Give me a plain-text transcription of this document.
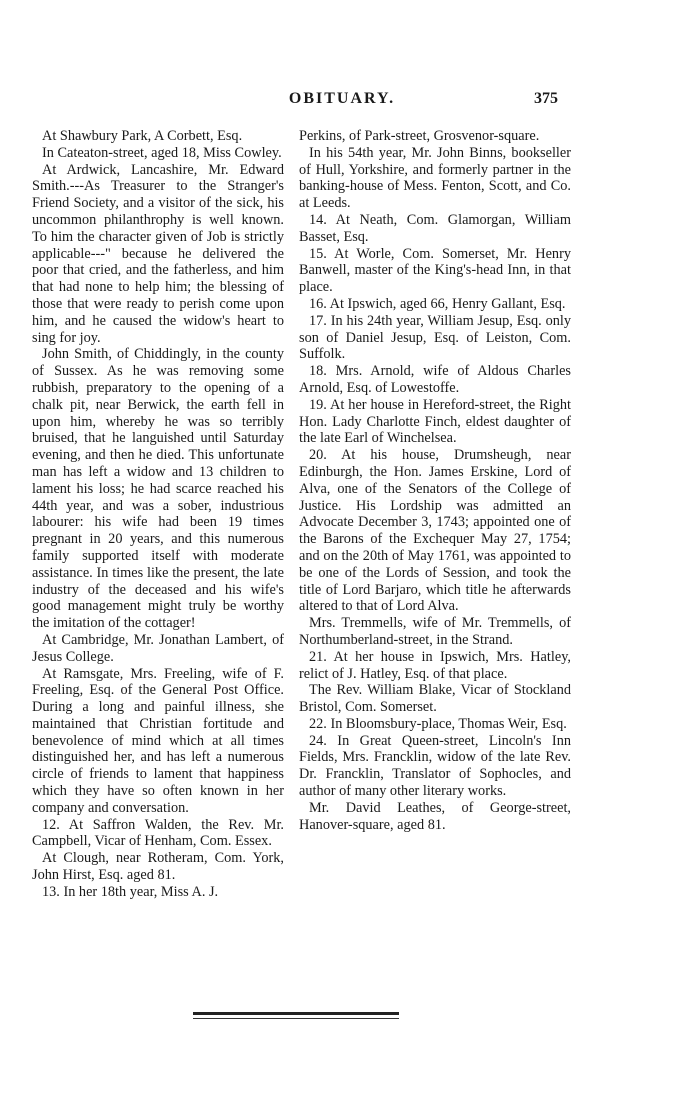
OBITUARY.	375

At Shawbury Park, A Corbett, Esq.

In Cateaton-street, aged 18, Miss Cowley.

At Ardwick, Lancashire, Mr. Edward Smith.---As Treasurer to the Stranger's Friend Society, and a visitor of the sick, his uncommon philanthrophy is well known. To him the character given of Job is strictly applicable---" because he delivered the poor that cried, and the fatherless, and him that had none to help him; the blessing of those that were ready to perish come upon him, and he caused the widow's heart to sing for joy.

John Smith, of Chiddingly, in the county of Sussex. As he was removing some rubbish, preparatory to the opening of a chalk pit, near Berwick, the earth fell in upon him, whereby he was so terribly bruised, that he languished until Saturday evening, and then he died. This unfortunate man has left a widow and 13 children to lament his loss; he had scarce reached his 44th year, and was a sober, industrious labourer: his wife had been 19 times pregnant in 20 years, and this numerous family supported itself with moderate assistance. In times like the present, the late industry of the deceased and his wife's good management might truly be worthy the imitation of the cottager!

At Cambridge, Mr. Jonathan Lambert, of Jesus College.

At Ramsgate, Mrs. Freeling, wife of F. Freeling, Esq. of the General Post Office. During a long and painful illness, she maintained that Christian fortitude and benevolence of mind which at all times distinguished her, and has left a numerous circle of friends to lament that happiness which they have so often known in her company and conversation.

12. At Saffron Walden, the Rev. Mr. Campbell, Vicar of Henham, Com. Essex.

At Clough, near Rotheram, Com. York, John Hirst, Esq. aged 81.

13. In her 18th year, Miss A. J.

Perkins, of Park-street, Grosvenor-square.

In his 54th year, Mr. John Binns, bookseller of Hull, Yorkshire, and formerly partner in the banking-house of Mess. Fenton, Scott, and Co. at Leeds.

14. At Neath, Com. Glamorgan, William Basset, Esq.

15. At Worle, Com. Somerset, Mr. Henry Banwell, master of the King's-head Inn, in that place.

16. At Ipswich, aged 66, Henry Gallant, Esq.

17. In his 24th year, William Jesup, Esq. only son of Daniel Jesup, Esq. of Leiston, Com. Suffolk.

18. Mrs. Arnold, wife of Aldous Charles Arnold, Esq. of Lowestoffe.

19. At her house in Hereford-street, the Right Hon. Lady Charlotte Finch, eldest daughter of the late Earl of Winchelsea.

20. At his house, Drumsheugh, near Edinburgh, the Hon. James Erskine, Lord of Alva, one of the Senators of the College of Justice. His Lordship was admitted an Advocate December 3, 1743; appointed one of the Barons of the Exchequer May 27, 1754; and on the 20th of May 1761, was appointed to be one of the Lords of Session, and took the title of Lord Barjaro, which title he afterwards altered to that of Lord Alva.

Mrs. Tremmells, wife of Mr. Tremmells, of Northumberland-street, in the Strand.

21. At her house in Ipswich, Mrs. Hatley, relict of J. Hatley, Esq. of that place.

The Rev. William Blake, Vicar of Stockland Bristol, Com. Somerset.

22. In Bloomsbury-place, Thomas Weir, Esq.

24. In Great Queen-street, Lincoln's Inn Fields, Mrs. Francklin, widow of the late Rev. Dr. Francklin, Translator of Sophocles, and author of many other literary works.

Mr. David Leathes, of George-street, Hanover-square, aged 81.
